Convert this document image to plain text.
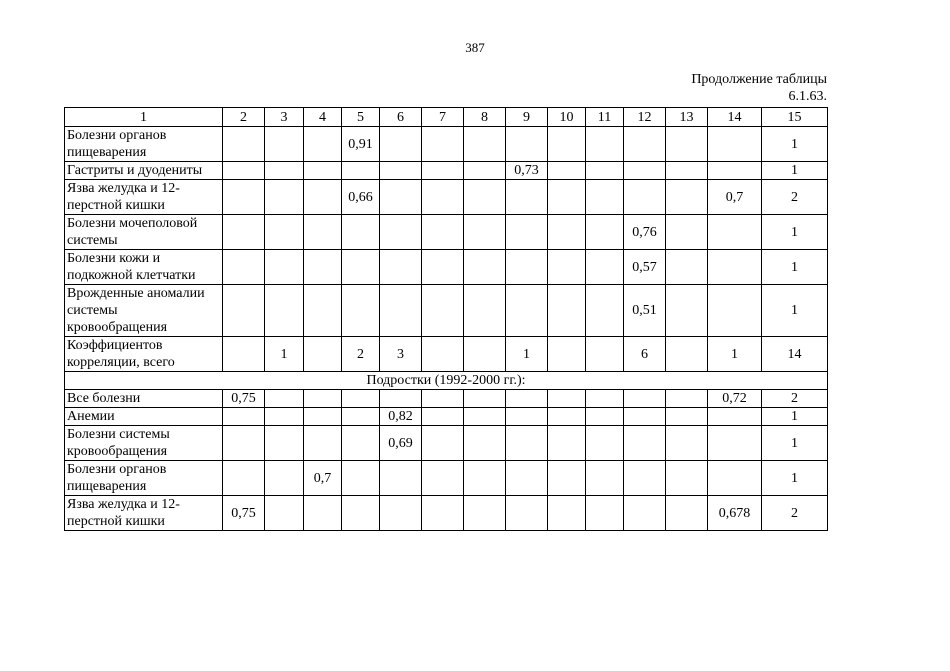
387
Продолжение таблицы
6.1.63.
1	2	3	4	5	6	7	8	9	10	11	12	13	14	15
Болезни органов пищеварения				0,91										1
Гастриты и дуодениты								0,73						1
Язва желудка и 12-перстной кишки				0,66									0,7	2
Болезни мочеполовой системы											0,76			1
Болезни кожи и подкожной клетчатки											0,57			1
Врожденные аномалии системы кровообращения											0,51			1
Коэффициентов корреляции, всего		1		2	3			1			6		1	14
Подростки (1992-2000 гг.):														
Все болезни	0,75												0,72	2
Анемии					0,82									1
Болезни системы кровообращения					0,69									1
Болезни органов пищеварения			0,7											1
Язва желудка и 12-перстной кишки	0,75												0,678	2
